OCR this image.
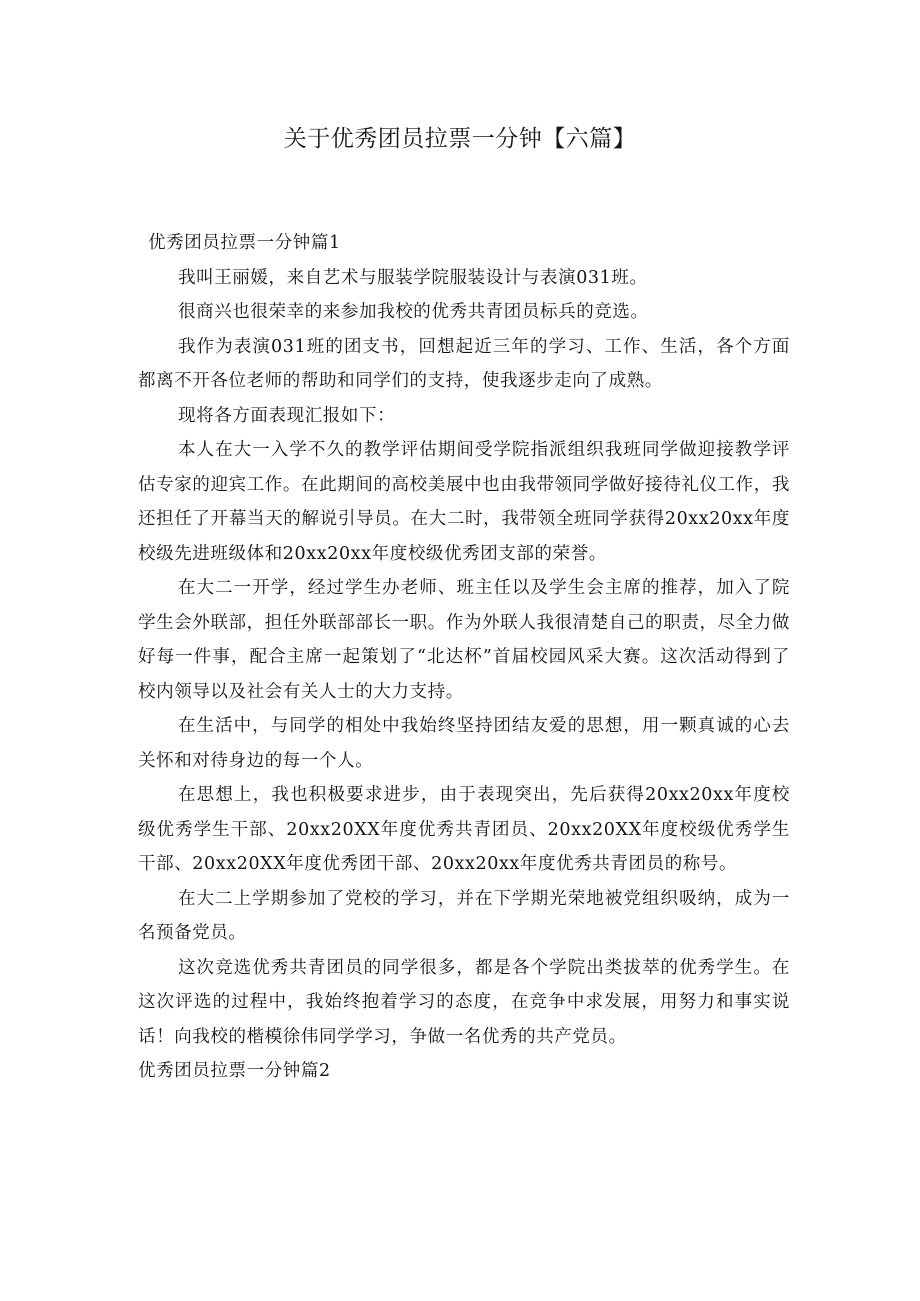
关于优秀团员拉票一分钟【六篇】
优秀团员拉票一分钟篇1

我叫王丽媛，来自艺术与服装学院服装设计与表演031班。

很商兴也很荣幸的来参加我校的优秀共青团员标兵的竞选。

我作为表演031班的团支书，回想起近三年的学习、工作、生活，各个方面都离不开各位老师的帮助和同学们的支持，使我逐步走向了成熟。

现将各方面表现汇报如下：

本人在大一入学不久的教学评估期间受学院指派组织我班同学做迎接教学评估专家的迎宾工作。在此期间的高校美展中也由我带领同学做好接待礼仪工作，我还担任了开幕当天的解说引导员。在大二时，我带领全班同学获得20xx20xx年度校级先进班级体和20xx20xx年度校级优秀团支部的荣誉。

在大二一开学，经过学生办老师、班主任以及学生会主席的推荐，加入了院学生会外联部，担任外联部部长一职。作为外联人我很清楚自己的职责，尽全力做好每一件事，配合主席一起策划了“北达杯”首届校园风采大赛。这次活动得到了校内领导以及社会有关人士的大力支持。

在生活中，与同学的相处中我始终坚持团结友爱的思想，用一颗真诚的心去关怀和对待身边的每一个人。

在思想上，我也积极要求进步，由于表现突出，先后获得20xx20xx年度校级优秀学生干部、20xx20XX年度优秀共青团员、20xx20XX年度校级优秀学生干部、20xx20XX年度优秀团干部、20xx20xx年度优秀共青团员的称号。

在大二上学期参加了党校的学习，并在下学期光荣地被党组织吸纳，成为一名预备党员。

这次竞选优秀共青团员的同学很多，都是各个学院出类拔萃的优秀学生。在这次评选的过程中，我始终抱着学习的态度，在竞争中求发展，用努力和事实说话！向我校的楷模徐伟同学学习，争做一名优秀的共产党员。

优秀团员拉票一分钟篇2
